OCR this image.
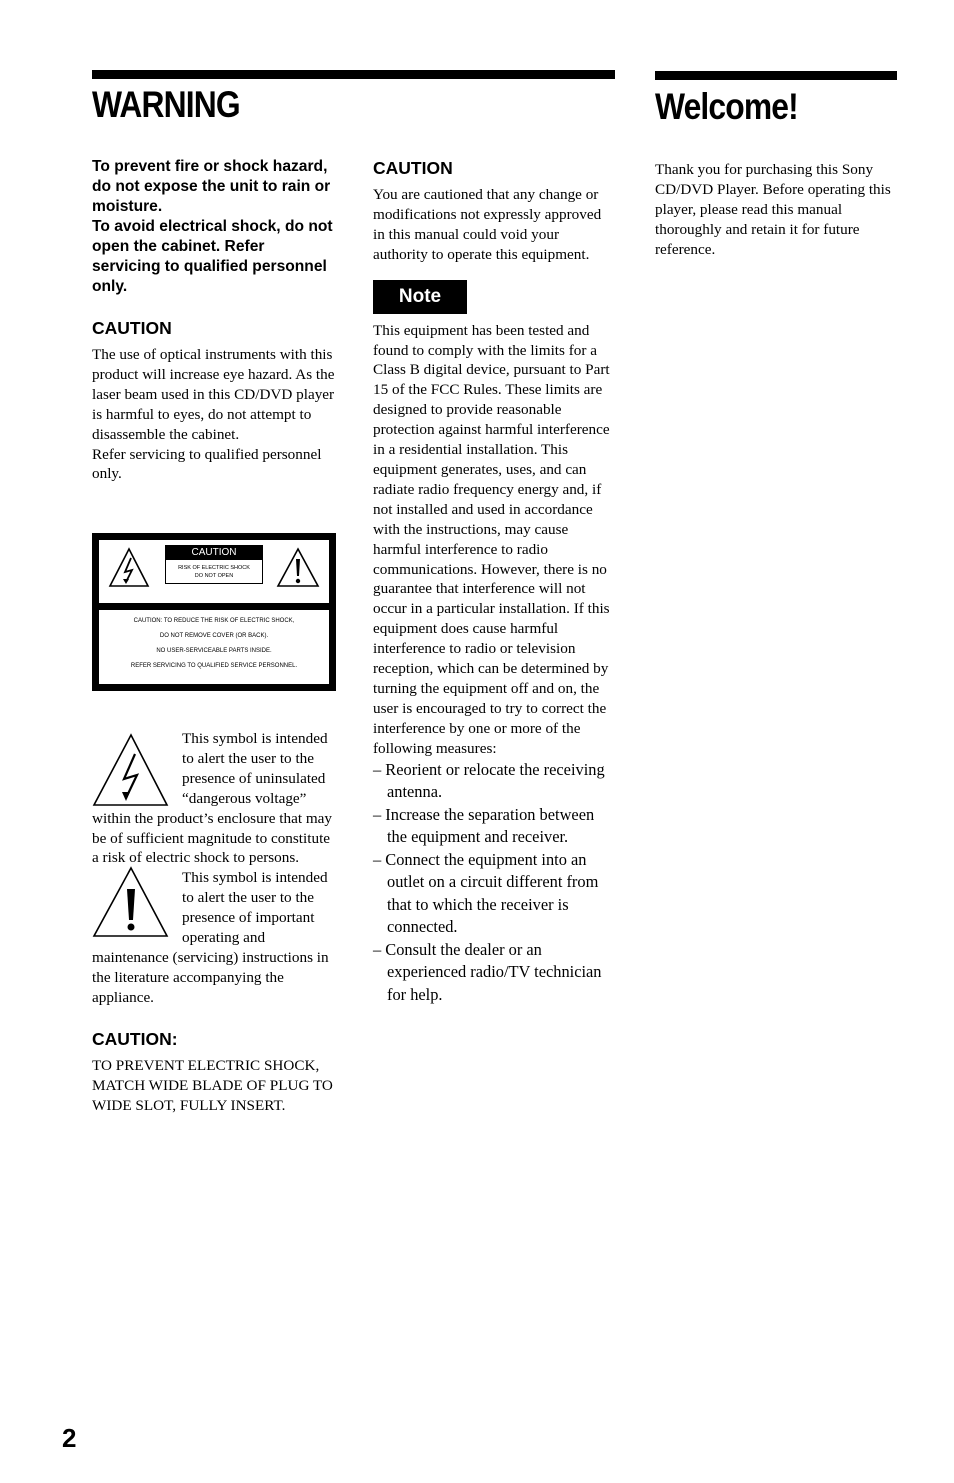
WARNING	Welcome!

To prevent fire or shock hazard, do not expose the unit to rain or moisture.

To avoid electrical shock, do not open the cabinet. Refer servicing to qualified personnel only.

CAUTION

The use of optical instruments with this product will increase eye hazard. As the laser beam used in this CD/DVD player is harmful to eyes, do not attempt to disassemble the cabinet.

Refer servicing to qualified personnel only.

CAUTION
RISK OF ELECTRIC SHOCK
DO NOT OPEN
CAUTION: TO REDUCE THE RISK OF ELECTRIC SHOCK,
DO NOT REMOVE COVER (OR BACK).
NO USER-SERVICEABLE PARTS INSIDE.
REFER SERVICING TO QUALIFIED SERVICE PERSONNEL.

This symbol is intended to alert the user to the presence of uninsulated “dangerous voltage” within the product’s enclosure that may be of sufficient magnitude to constitute a risk of electric shock to persons.

This symbol is intended to alert the user to the presence of important operating and maintenance (servicing) instructions in the literature accompanying the appliance.

CAUTION:

TO PREVENT ELECTRIC SHOCK, MATCH WIDE BLADE OF PLUG TO WIDE SLOT, FULLY INSERT.

CAUTION

You are cautioned that any change or modifications not expressly approved in this manual could void your authority to operate this equipment.

Note

This equipment has been tested and found to comply with the limits for a Class B digital device, pursuant to Part 15 of the FCC Rules. These limits are designed to provide reasonable protection against harmful interference in a residential installation. This equipment generates, uses, and can radiate radio frequency energy and, if not installed and used in accordance with the instructions, may cause harmful interference to radio communications. However, there is no guarantee that interference will not occur in a particular installation. If this equipment does cause harmful interference to radio or television reception, which can be determined by turning the equipment off and on, the user is encouraged to try to correct the interference by one or more of the following measures:

– Reorient or relocate the receiving antenna.
– Increase the separation between the equipment and receiver.
– Connect the equipment into an outlet on a circuit different from that to which the receiver is connected.
– Consult the dealer or an experienced radio/TV technician for help.

Thank you for purchasing this Sony CD/DVD Player. Before operating this player, please read this manual thoroughly and retain it for future reference.

2
